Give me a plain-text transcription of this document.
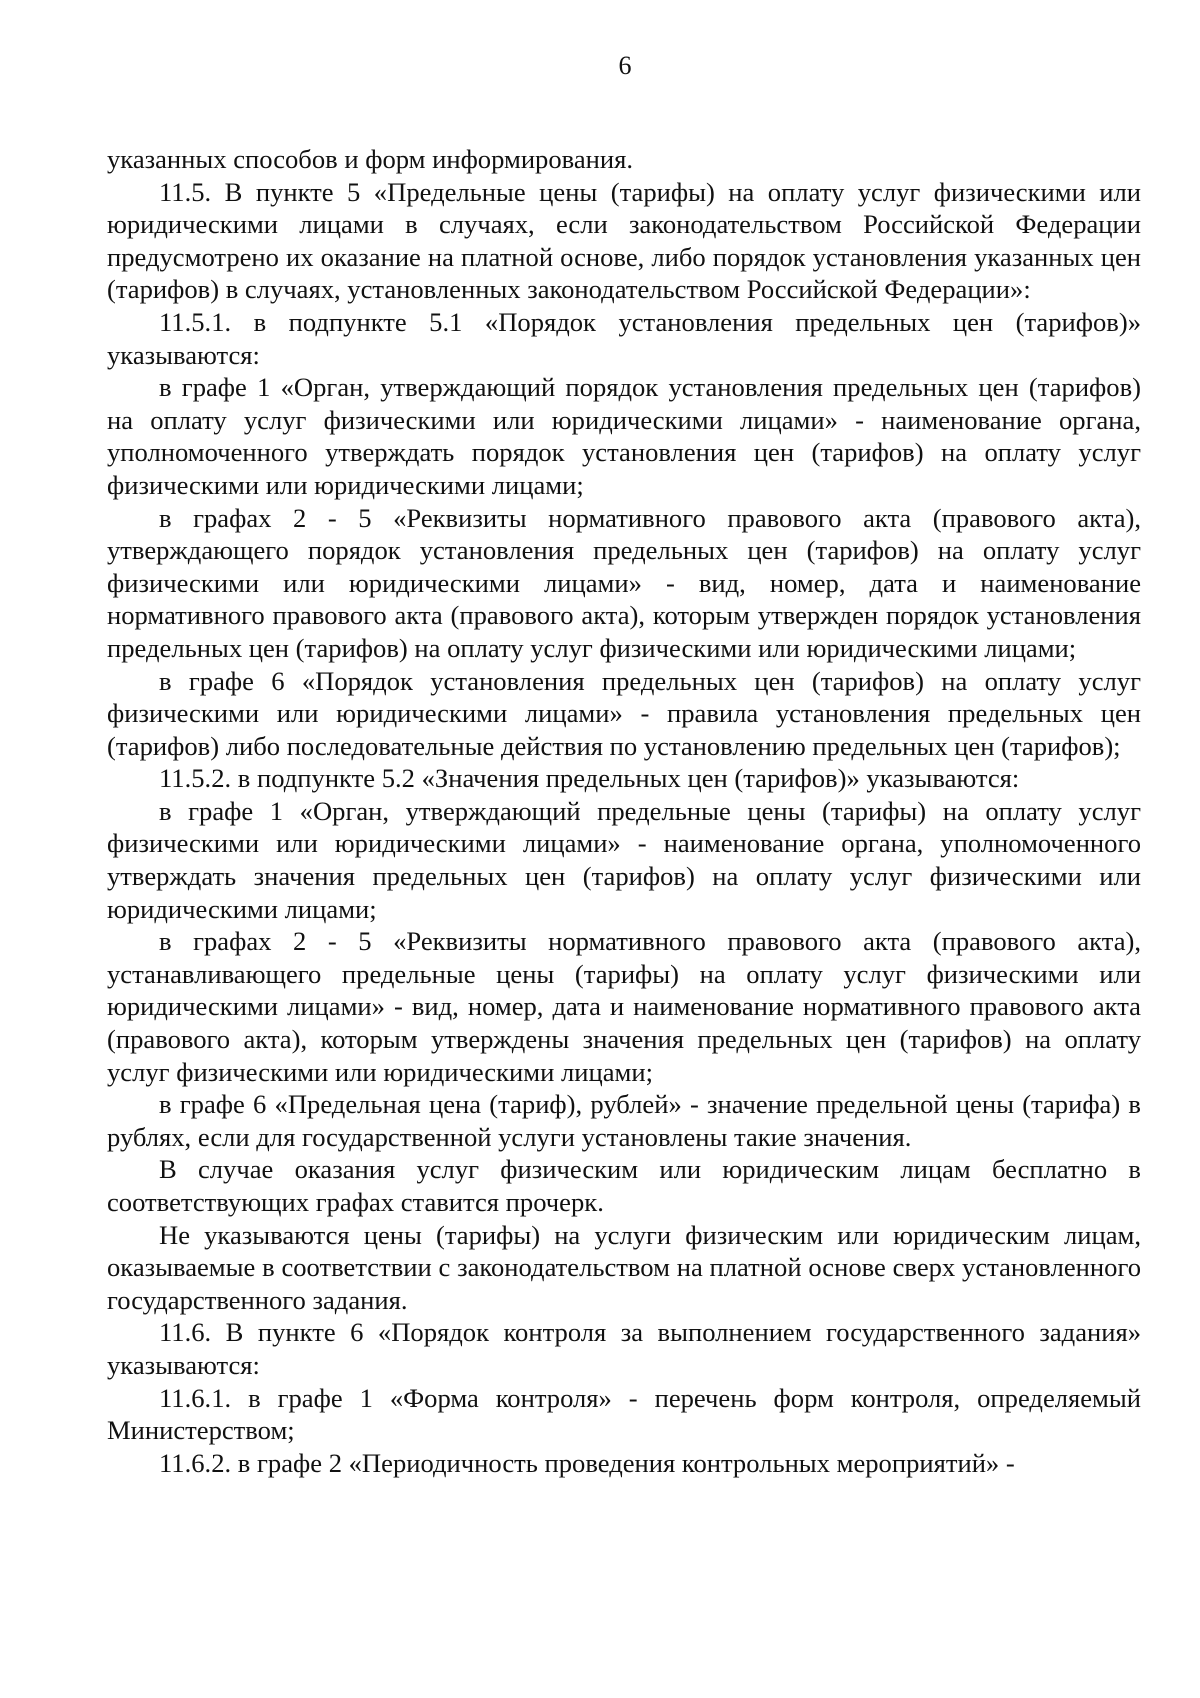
6

указанных способов и форм информирования.

11.5. В пункте 5 «Предельные цены (тарифы) на оплату услуг физическими или юридическими лицами в случаях, если законодательством Российской Федерации предусмотрено их оказание на платной основе, либо порядок установления указанных цен (тарифов) в случаях, установленных законодательством Российской Федерации»:

11.5.1. в подпункте 5.1 «Порядок установления предельных цен (тарифов)» указываются:

в графе 1 «Орган, утверждающий порядок установления предельных цен (тарифов) на оплату услуг физическими или юридическими лицами» - наименование органа, уполномоченного утверждать порядок установления цен (тарифов) на оплату услуг физическими или юридическими лицами;

в графах 2 - 5 «Реквизиты нормативного правового акта (правового акта), утверждающего порядок установления предельных цен (тарифов) на оплату услуг физическими или юридическими лицами» - вид, номер, дата и наименование нормативного правового акта (правового акта), которым утвержден порядок установления предельных цен (тарифов) на оплату услуг физическими или юридическими лицами;

в графе 6 «Порядок установления предельных цен (тарифов) на оплату услуг физическими или юридическими лицами» - правила установления предельных цен (тарифов) либо последовательные действия по установлению предельных цен (тарифов);

11.5.2. в подпункте 5.2 «Значения предельных цен (тарифов)» указываются:

в графе 1 «Орган, утверждающий предельные цены (тарифы) на оплату услуг физическими или юридическими лицами» - наименование органа, уполномоченного утверждать значения предельных цен (тарифов) на оплату услуг физическими или юридическими лицами;

в графах 2 - 5 «Реквизиты нормативного правового акта (правового акта), устанавливающего предельные цены (тарифы) на оплату услуг физическими или юридическими лицами» - вид, номер, дата и наименование нормативного правового акта (правового акта), которым утверждены значения предельных цен (тарифов) на оплату услуг физическими или юридическими лицами;

в графе 6 «Предельная цена (тариф), рублей» - значение предельной цены (тарифа) в рублях, если для государственной услуги установлены такие значения.

В случае оказания услуг физическим или юридическим лицам бесплатно в соответствующих графах ставится прочерк.

Не указываются цены (тарифы) на услуги физическим или юридическим лицам, оказываемые в соответствии с законодательством на платной основе сверх установленного государственного задания.

11.6. В пункте 6 «Порядок контроля за выполнением государственного задания» указываются:

11.6.1. в графе 1 «Форма контроля» - перечень форм контроля, определяемый Министерством;

11.6.2. в графе 2 «Периодичность проведения контрольных мероприятий» -
